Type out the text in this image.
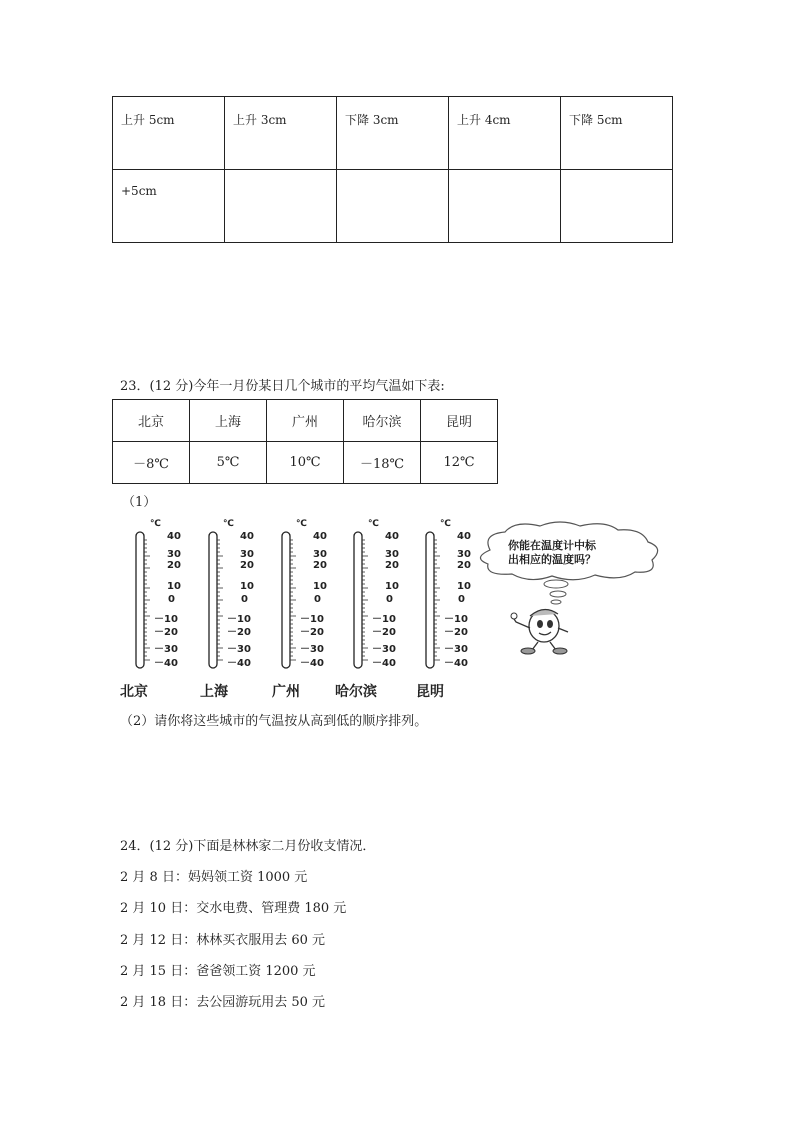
上升 5cm	上升 3cm	下降 3cm	上升 4cm	下降 5cm

+5cm				

23．(12 分)今年一月份某日几个城市的平均气温如下表:
北京	上海	广州	哈尔滨	昆明
－8℃	5℃	10℃	－18℃	12℃
（1）
℃
40
30
20
10
0
－10
－20
－30
－40
北京
℃
40
30
20
10
0
－10
－20
－30
－40
上海
℃
40
30
20
10
0
－10
－20
－30
－40
广州
℃
40
30
20
10
0
－10
－20
－30
－40
哈尔滨
℃
40
30
20
10
0
－10
－20
－30
－40
昆明
你能在温度计中标
出相应的温度吗？
（2）请你将这些城市的气温按从高到低的顺序排列。
24．(12 分)下面是林林家二月份收支情况．
2 月 8 日：妈妈领工资 1000 元
2 月 10 日：交水电费、管理费 180 元
2 月 12 日：林林买衣服用去 60 元
2 月 15 日：爸爸领工资 1200 元
2 月 18 日：去公园游玩用去 50 元
